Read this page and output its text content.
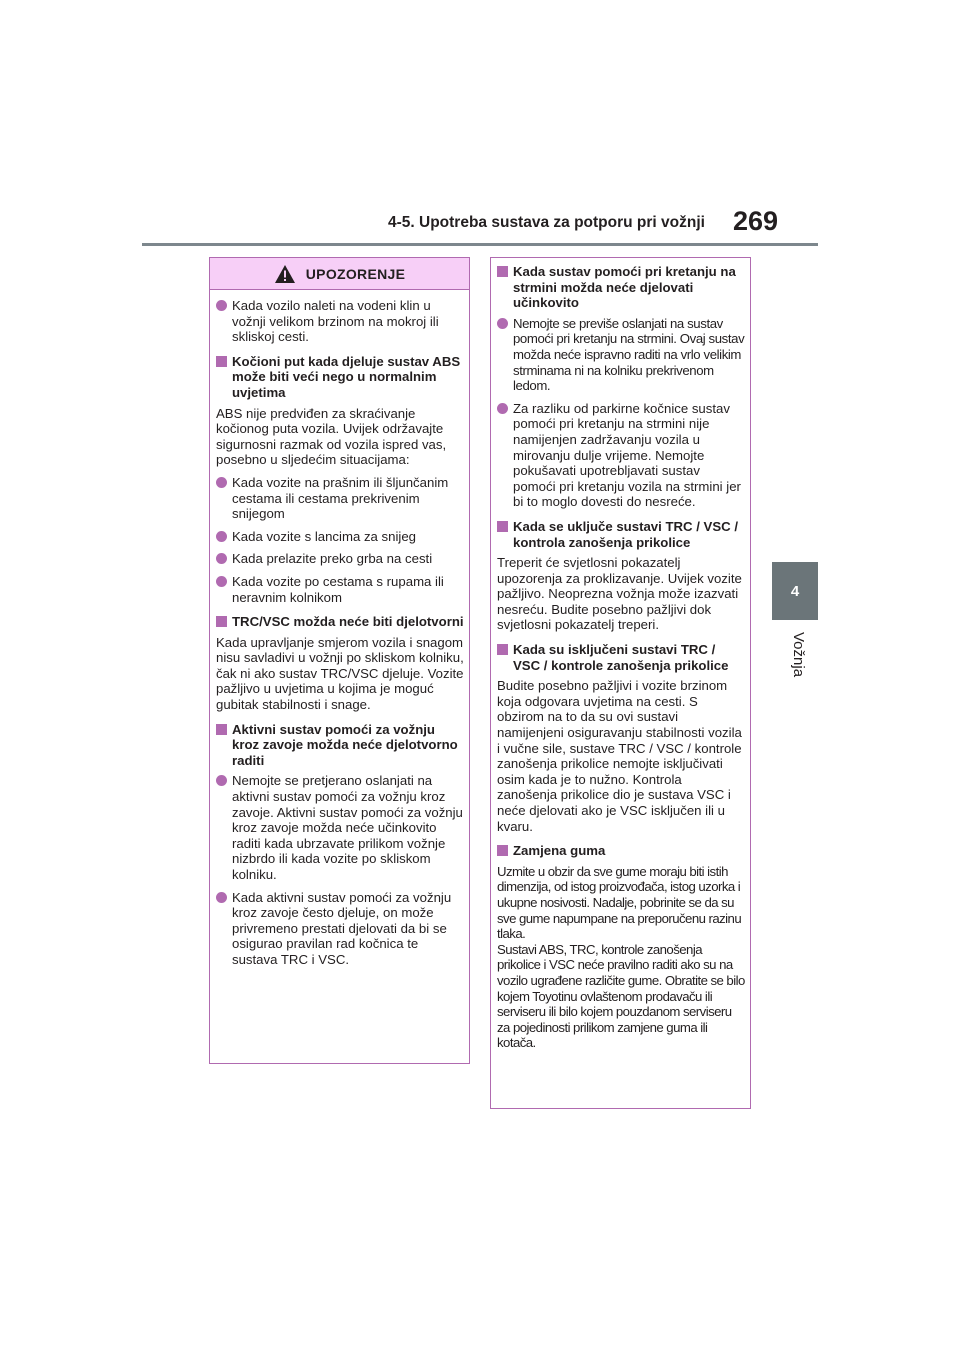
4-5. Upotreba sustava za potporu pri vožnji 269
4
Vožnja
UPOZORENJE
Kada vozilo naleti na vodeni klin u vožnji velikom brzinom na mokroj ili skliskoj cesti.
Kočioni put kada djeluje sustav ABS može biti veći nego u normalnim uvjetima
ABS nije predviđen za skraćivanje kočionog puta vozila. Uvijek održavajte sigurnosni razmak od vozila ispred vas, posebno u sljedećim situacijama:
Kada vozite na prašnim ili šljunčanim cestama ili cestama prekrivenim snijegom
Kada vozite s lancima za snijeg
Kada prelazite preko grba na cesti
Kada vozite po cestama s rupama ili neravnim kolnikom
TRC/VSC možda neće biti djelotvorni
Kada upravljanje smjerom vozila i snagom nisu savladivi u vožnji po skliskom kolniku, čak ni ako sustav TRC/VSC djeluje. Vozite pažljivo u uvjetima u kojima je moguć gubitak stabilnosti i snage.
Aktivni sustav pomoći za vožnju kroz zavoje možda neće djelotvorno raditi
Nemojte se pretjerano oslanjati na aktivni sustav pomoći za vožnju kroz zavoje. Aktivni sustav pomoći za vožnju kroz zavoje možda neće učinkovito raditi kada ubrzavate prilikom vožnje nizbrdo ili kada vozite po skliskom kolniku.
Kada aktivni sustav pomoći za vožnju kroz zavoje često djeluje, on može privremeno prestati djelovati da bi se osigurao pravilan rad kočnica te sustava TRC i VSC.
Kada sustav pomoći pri kretanju na strmini možda neće djelovati učinkovito
Nemojte se previše oslanjati na sustav pomoći pri kretanju na strmini. Ovaj sustav možda neće ispravno raditi na vrlo velikim strminama ni na kolniku prekrivenom ledom.
Za razliku od parkirne kočnice sustav pomoći pri kretanju na strmini nije namijenjen zadržavanju vozila u mirovanju dulje vrijeme. Nemojte pokušavati upotrebljavati sustav pomoći pri kretanju vozila na strmini jer bi to moglo dovesti do nesreće.
Kada se uključe sustavi TRC / VSC / kontrola zanošenja prikolice
Treperit će svjetlosni pokazatelj upozorenja za proklizavanje. Uvijek vozite pažljivo. Neoprezna vožnja može izazvati nesreću. Budite posebno pažljivi dok svjetlosni pokazatelj treperi.
Kada su isključeni sustavi TRC / VSC / kontrole zanošenja prikolice
Budite posebno pažljivi i vozite brzinom koja odgovara uvjetima na cesti. S obzirom na to da su ovi sustavi namijenjeni osiguravanju stabilnosti vozila i vučne sile, sustave TRC / VSC / kontrole zanošenja prikolice nemojte isključivati osim kada je to nužno. Kontrola zanošenja prikolice dio je sustava VSC i neće djelovati ako je VSC isključen ili u kvaru.
Zamjena guma
Uzmite u obzir da sve gume moraju biti istih dimenzija, od istog proizvođača, istog uzorka i ukupne nosivosti. Nadalje, pobrinite se da su sve gume napumpane na preporučenu razinu tlaka.
Sustavi ABS, TRC, kontrole zanošenja prikolice i VSC neće pravilno raditi ako su na vozilo ugrađene različite gume. Obratite se bilo kojem Toyotinu ovlaštenom prodavaču ili serviseru ili bilo kojem pouzdanom serviseru za pojedinosti prilikom zamjene guma ili kotača.
